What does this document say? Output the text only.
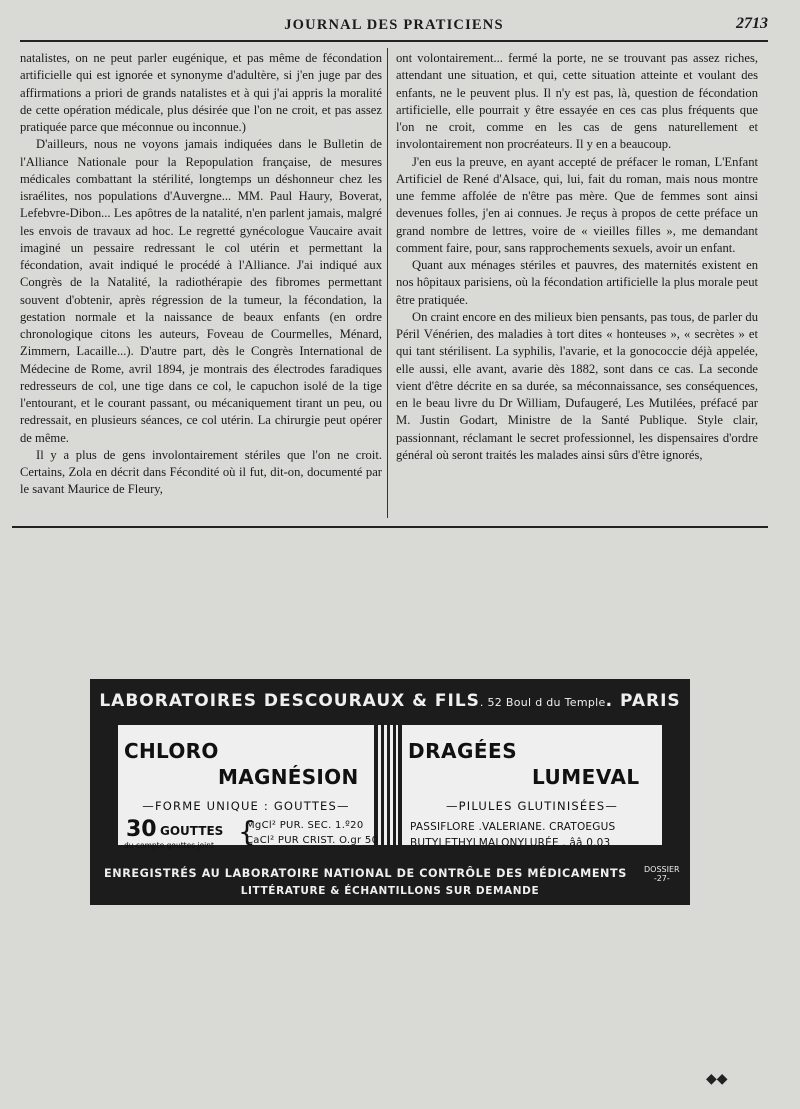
JOURNAL DES PRATICIENS	2713

natalistes, on ne peut parler eugénique, et pas même de fécondation artificielle qui est ignorée et synonyme d'adultère, si j'en juge par des affirmations a priori de grands natalistes et à qui j'ai appris la moralité de cette opération médicale, plus désirée que l'on ne croit, et pas assez pratiquée parce que méconnue ou inconnue.)

D'ailleurs, nous ne voyons jamais indiquées dans le Bulletin de l'Alliance Nationale pour la Repopulation française, de mesures médicales combattant la stérilité, longtemps un déshonneur chez les israélites, nos populations d'Auvergne... MM. Paul Haury, Boverat, Lefebvre-Dibon... Les apôtres de la natalité, n'en parlent jamais, malgré les envois de travaux ad hoc. Le regretté gynécologue Vaucaire avait imaginé un pessaire redressant le col utérin et permettant la fécondation, avait indiqué le procédé à l'Alliance. J'ai indiqué aux Congrès de la Natalité, la radiothérapie des fibromes permettant souvent d'obtenir, après régression de la tumeur, la fécondation, la gestation normale et la naissance de beaux enfants (en ordre chronologique citons les auteurs, Foveau de Courmelles, Ménard, Zimmern, Lacaille...). D'autre part, dès le Congrès International de Médecine de Rome, avril 1894, je montrais des électrodes faradiques redresseurs de col, une tige dans ce col, le capuchon isolé de la tige l'entourant, et le courant passant, ou mécaniquement tirant un peu, ou redressait, en plusieurs séances, ce col utérin. La chirurgie peut opérer de même.

Il y a plus de gens involontairement stériles que l'on ne croit. Certains, Zola en décrit dans Fécondité où il fut, dit-on, documenté par le savant Maurice de Fleury,

ont volontairement... fermé la porte, ne se trouvant pas assez riches, attendant une situation, et qui, cette situation atteinte et voulant des enfants, ne le peuvent plus. Il n'y est pas, là, question de fécondation artificielle, elle pourrait y être essayée en ces cas plus fréquents que l'on ne croit, comme en les cas de gens naturellement et involontairement non procréateurs. Il y en a beaucoup.

J'en eus la preuve, en ayant accepté de préfacer le roman, L'Enfant Artificiel de René d'Alsace, qui, lui, fait du roman, mais nous montre une femme affolée de n'être pas mère. Que de femmes sont ainsi devenues folles, j'en ai connues. Je reçus à propos de cette préface un grand nombre de lettres, voire de « vieilles filles », me demandant comment faire, pour, sans rapprochements sexuels, avoir un enfant.

Quant aux ménages stériles et pauvres, des maternités existent en nos hôpitaux parisiens, où la fécondation artificielle la plus morale peut être pratiquée.

On craint encore en des milieux bien pensants, pas tous, de parler du Péril Vénérien, des maladies à tort dites « honteuses », « secrètes » et qui tant stérilisent. La syphilis, l'avarie, et la gonococcie déjà appelée, elle aussi, elle avant, avarie dès 1882, sont dans ce cas. La seconde vient d'être décrite en sa durée, sa méconnaissance, ses conséquences, en le beau livre du Dr William, Dufaugeré, Les Mutilées, préfacé par M. Justin Godart, Ministre de la Santé Publique. Style clair, passionnant, réclamant le secret professionnel, les dispensaires d'ordre général où seront traités les malades ainsi sûrs d'être ignorés,

LABORATOIRES DESCOURAUX & FILS. 52 Boul d du Temple. PARIS
CHLORO
MAGNÉSION
—FORME UNIQUE : GOUTTES—
30 GOUTTES
du compte gouttes joint {
MgCl² PUR. SEC. 1.º20
CaCl² PUR CRIST. O.gr 50
DRAGÉES
LUMEVAL
—PILULES GLUTINISÉES—
PASSIFLORE .VALERIANE. CRATOEGUS
BUTYLETHYLMALONYLURÉE . ââ 0.03
ENREGISTRÉS AU LABORATOIRE NATIONAL DE CONTRÔLE DES MÉDICAMENTS DOSSIER
-27-
LITTÉRATURE & ÉCHANTILLONS SUR DEMANDE
◆◆
